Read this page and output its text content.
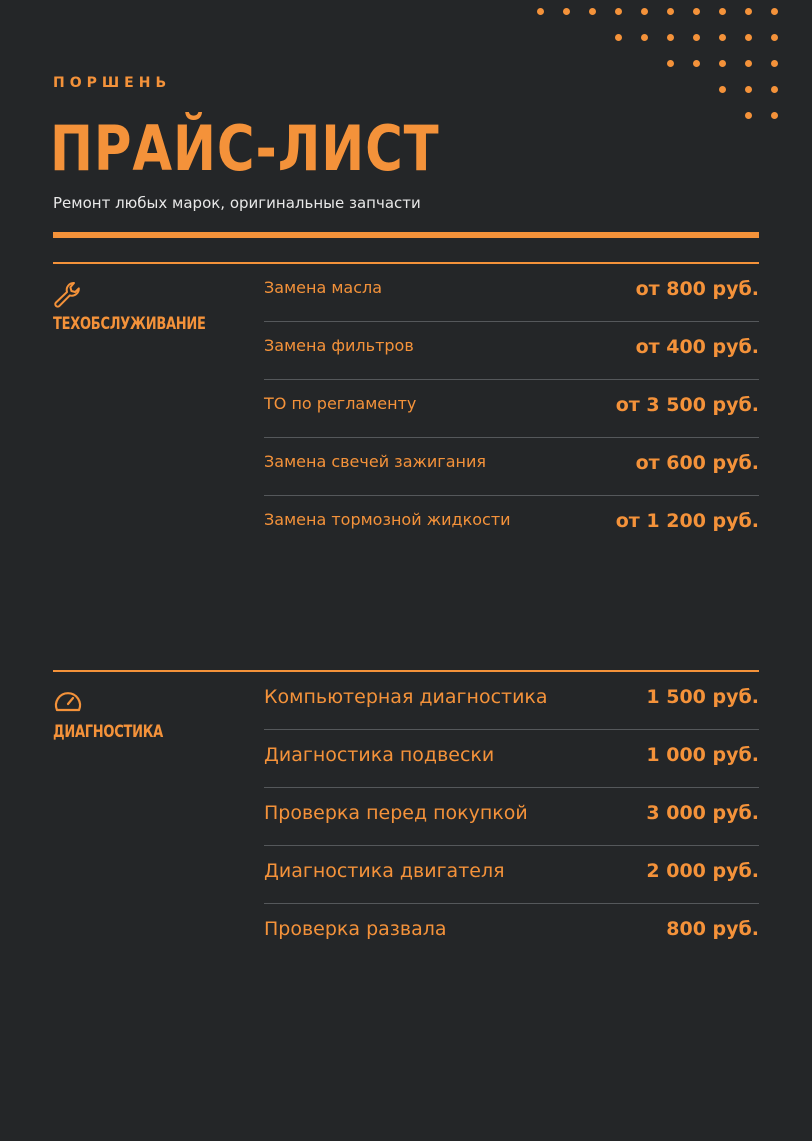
ПОРШЕНЬ
ПРАЙС-ЛИСТ
Ремонт любых марок, оригинальные запчасти
ТЕХОБСЛУЖИВАНИЕ
Замена масла	от 800 руб.
Замена фильтров	от 400 руб.
ТО по регламенту	от 3 500 руб.
Замена свечей зажигания	от 600 руб.
Замена тормозной жидкости	от 1 200 руб.
ДИАГНОСТИКА
Компьютерная диагностика	1 500 руб.
Диагностика подвески	1 000 руб.
Проверка перед покупкой	3 000 руб.
Диагностика двигателя	2 000 руб.
Проверка развала	800 руб.
